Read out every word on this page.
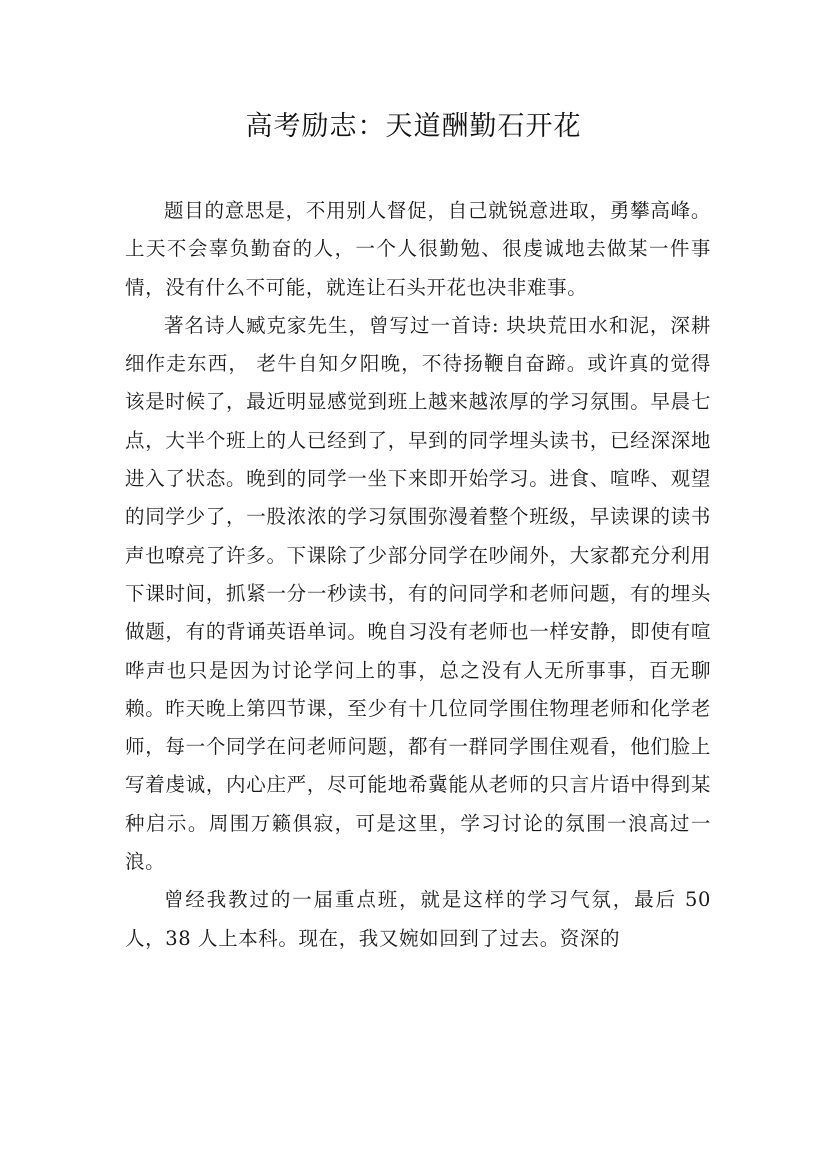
高考励志：天道酬勤石开花

题目的意思是，不用别人督促，自己就锐意进取，勇攀高峰。上天不会辜负勤奋的人，一个人很勤勉、很虔诚地去做某一件事情，没有什么不可能，就连让石头开花也决非难事。

著名诗人臧克家先生，曾写过一首诗: 块块荒田水和泥，深耕细作走东西， 老牛自知夕阳晚，不待扬鞭自奋蹄。或许真的觉得该是时候了，最近明显感觉到班上越来越浓厚的学习氛围。早晨七点，大半个班上的人已经到了，早到的同学埋头读书，已经深深地进入了状态。晚到的同学一坐下来即开始学习。进食、喧哗、观望的同学少了，一股浓浓的学习氛围弥漫着整个班级，早读课的读书声也嘹亮了许多。下课除了少部分同学在吵闹外，大家都充分利用下课时间，抓紧一分一秒读书，有的问同学和老师问题，有的埋头做题，有的背诵英语单词。晚自习没有老师也一样安静，即使有喧哗声也只是因为讨论学问上的事，总之没有人无所事事，百无聊赖。昨天晚上第四节课，至少有十几位同学围住物理老师和化学老师，每一个同学在问老师问题，都有一群同学围住观看，他们脸上写着虔诚，内心庄严，尽可能地希冀能从老师的只言片语中得到某种启示。周围万籁俱寂，可是这里，学习讨论的氛围一浪高过一浪。

曾经我教过的一届重点班，就是这样的学习气氛，最后 50 人，38 人上本科。现在，我又婉如回到了过去。资深的
